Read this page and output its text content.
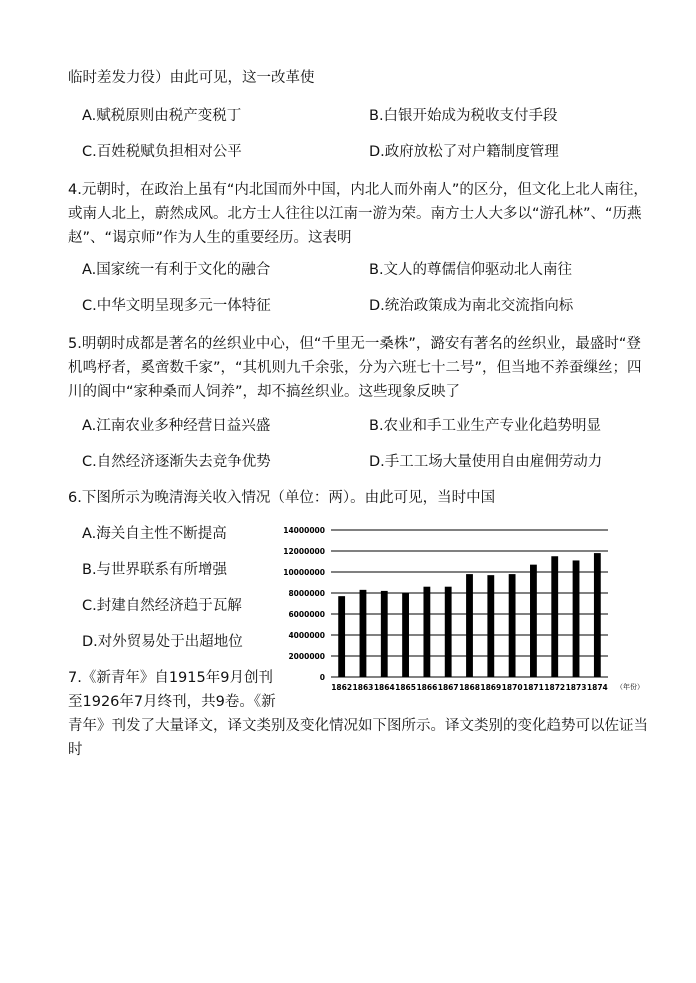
临时差发力役）由此可见，这一改革使
A.赋税原则由税产变税丁	B.白银开始成为税收支付手段
C.百姓税赋负担相对公平	D.政府放松了对户籍制度管理
4.元朝时，在政治上虽有“内北国而外中国，内北人而外南人”的区分，但文化上北人南往，
或南人北上，蔚然成风。北方士人往往以江南一游为荣。南方士人大多以“游孔林”、“历燕
赵”、“谒京师”作为人生的重要经历。这表明
A.国家统一有利于文化的融合	B.文人的尊儒信仰驱动北人南往
C.中华文明呈现多元一体特征	D.统治政策成为南北交流指向标
5.明朝时成都是著名的丝织业中心，但“千里无一桑株”，潞安有著名的丝织业，最盛时“登
机鸣杼者，奚啻数千家”，“其机则九千余张，分为六班七十二号”，但当地不养蚕缫丝；四
川的阆中“家种桑而人饲养”，却不搞丝织业。这些现象反映了
A.江南农业多种经营日益兴盛	B.农业和手工业生产专业化趋势明显
C.自然经济逐渐失去竞争优势	D.手工工场大量使用自由雇佣劳动力
6.下图所示为晚清海关收入情况（单位：两）。由此可见，当时中国
A.海关自主性不断提高
B.与世界联系有所增强
C.封建自然经济趋于瓦解
D.对外贸易处于出超地位
0
2000000
4000000
6000000
8000000
10000000
12000000
14000000
1862 1863 1864 1865 1866 1867 1868 1869 1870 1871 1872 1873 1874 （年份）
7.《新青年》自1915年9月创刊
至1926年7月终刊，共9卷。《新
青年》刊发了大量译文，译文类别及变化情况如下图所示。译文类别的变化趋势可以佐证当
时
